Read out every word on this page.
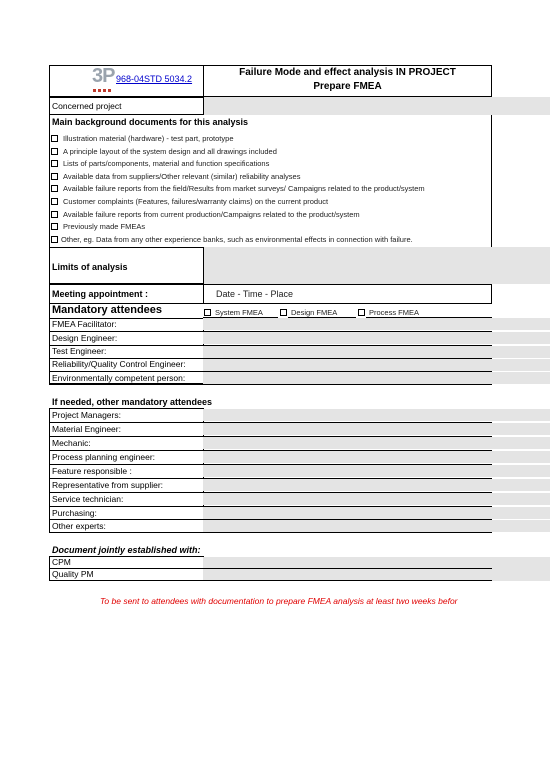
3P 968-04STD 5034.2
Failure Mode and effect analysis IN PROJECT
Prepare FMEA
Concerned project
Main background documents for this analysis
Illustration material (hardware) - test part, prototype
A principle layout of the system design and all drawings included
Lists of parts/components, material and function specifications
Available data from suppliers/Other relevant (similar) reliability analyses
Available failure reports from the field/Results from market surveys/ Campaigns related to the product/system
Customer complaints (Features, failures/warranty claims) on the current product
Available failure reports from current production/Campaigns related to the product/system
Previously made FMEAs
Other, eg. Data from any other experience banks, such as environmental effects in connection with failure.
Limits of analysis
Meeting appointment :	Date - Time - Place
Mandatory attendees	System FMEA	Design FMEA	Process FMEA
FMEA Facilitator:
Design Engineer:
Test Engineer:
Reliability/Quality Control Engineer:
Environmentally competent person:
If needed, other mandatory attendees
Project Managers:
Material Engineer:
Mechanic:
Process planning engineer:
Feature responsible :
Representative from supplier:
Service technician:
Purchasing:
Other experts:
Document jointly established with:
CPM
Quality PM
To be sent to attendees with documentation to prepare FMEA analysis at least two weeks befor
